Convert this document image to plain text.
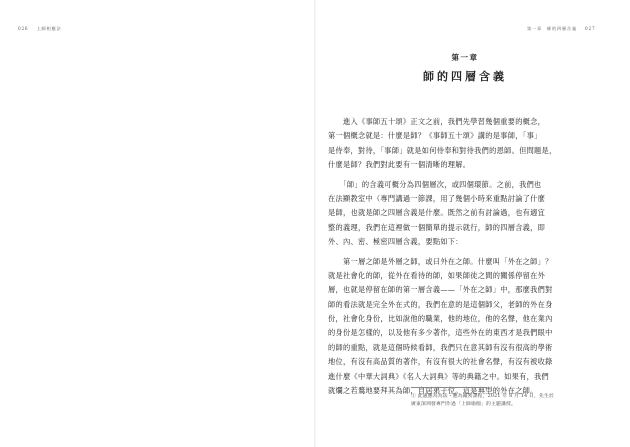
026 上師相應法	第一章　師的四層含義 027
第一章
師的四層含義

　　進入《事師五十頌》正文之前，我們先學習幾個重要的概念，
第一個概念就是：什麼是師？《事師五十頌》講的是事師，「事」
是侍奉，對待，「事師」就是如何侍奉和對待我們的恩師。但問題是，
什麼是師？我們對此要有一個清晰的理解。

　　「師」的含義可概分為四個層次，或四個環節。之前，我們也
在法顯教室中（專門講過一節課，用了幾個小時來重點討論了什麼
是師，也就是師之四層含義是什麼。既然之前有討論過，也有適宜
整的義理，我們在這裡做一個簡單的提示就行，師的四層含義，即
外、內、密、極密四層含義，要點如下：

　　第一層之師是外層之師，或曰外在之師。什麼叫「外在之師」？
就是社會化的師，從外在看待的師，如果師徒之間的關係停留在外
層，也就是停留在師的第一層含義——「外在之師」中，那麼我們對
師的看法就是完全外在式的，我們在意的是這個師父，老師的外在身
份，社會化身份，比如說他的職業，他的地位，他的名聲，他在業內
的身份是怎樣的，以及他有多少著作，這些外在的東西才是我們眼中
的師的重點，就是這個時候看師，我們只在意其師有沒有很高的學術
地位，有沒有高品質的著作，有沒有很大的社會名聲，有沒有被收錄
進什麼《中華大詞典》《名人大詞典》等的典籍之中。如果有，我們
就爛之若鶩地要拜其為師，自居弟子位。這是典型的外在之師。

① 此處應為為法・應為藏密課程，2021 年 8 月 14 日，先生於
廣東深圳發專門作過「上師瑜伽」的主題講授。
